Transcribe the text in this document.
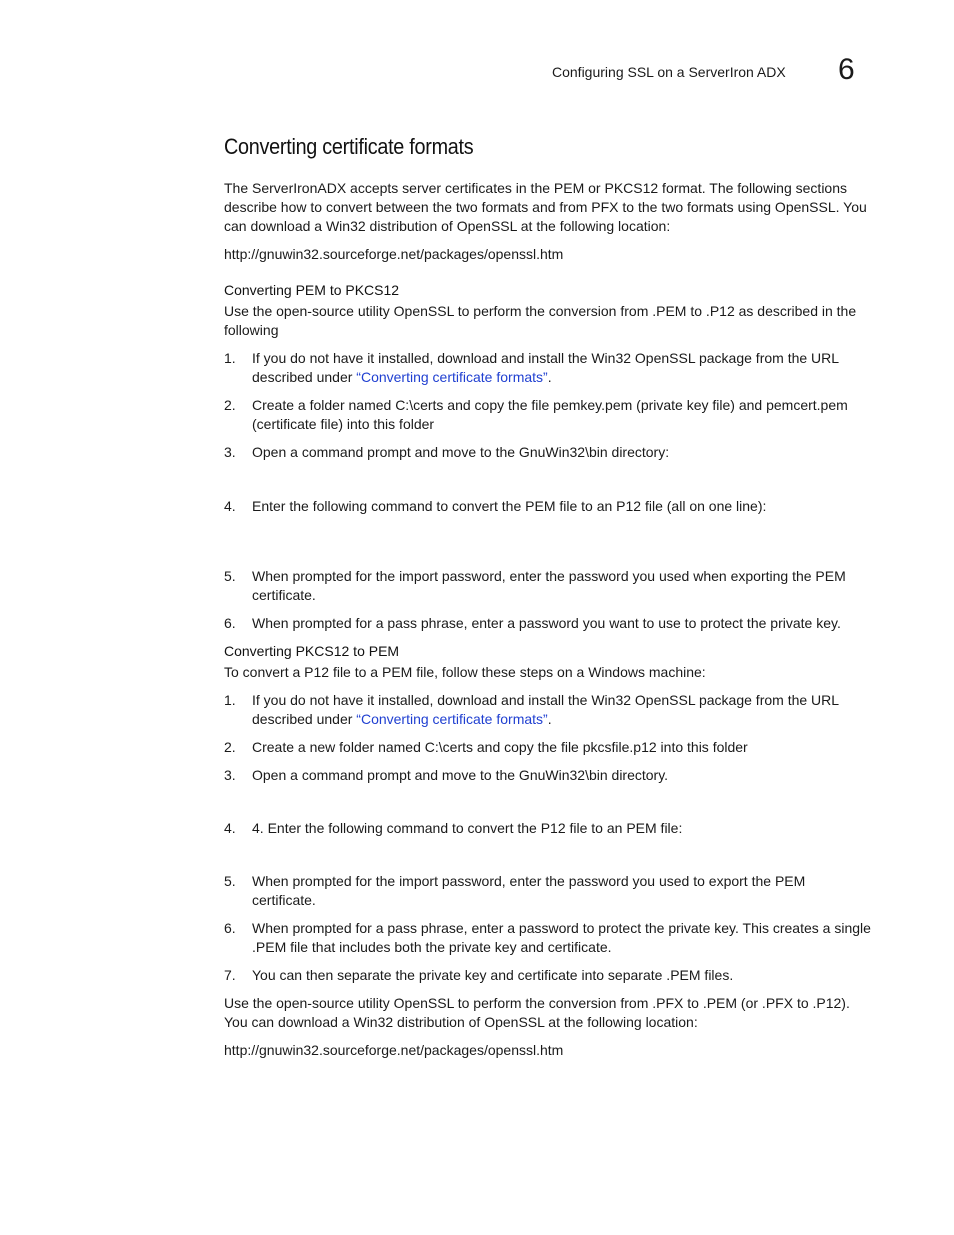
Configuring SSL on a ServerIron ADX 6
Converting certificate formats

The ServerIronADX accepts server certificates in the PEM or PKCS12 format. The following sections describe how to convert between the two formats and from PFX to the two formats using OpenSSL. You can download a Win32 distribution of OpenSSL at the following location:

http://gnuwin32.sourceforge.net/packages/openssl.htm

Converting PEM to PKCS12

Use the open-source utility OpenSSL to perform the conversion from .PEM to .P12 as described in the following

1. If you do not have it installed, download and install the Win32 OpenSSL package from the URL described under “Converting certificate formats”.
2. Create a folder named C:\certs and copy the file pemkey.pem (private key file) and pemcert.pem (certificate file) into this folder
3. Open a command prompt and move to the GnuWin32\bin directory:
4. Enter the following command to convert the PEM file to an P12 file (all on one line):
5. When prompted for the import password, enter the password you used when exporting the PEM certificate.
6. When prompted for a pass phrase, enter a password you want to use to protect the private key.
Converting PKCS12 to PEM

To convert a P12 file to a PEM file, follow these steps on a Windows machine:

1. If you do not have it installed, download and install the Win32 OpenSSL package from the URL described under “Converting certificate formats”.
2. Create a new folder named C:\certs and copy the file pkcsfile.p12 into this folder
3. Open a command prompt and move to the GnuWin32\bin directory.
4. 4. Enter the following command to convert the P12 file to an PEM file:
5. When prompted for the import password, enter the password you used to export the PEM certificate.
6. When prompted for a pass phrase, enter a password to protect the private key. This creates a single .PEM file that includes both the private key and certificate.
7. You can then separate the private key and certificate into separate .PEM files.

Use the open-source utility OpenSSL to perform the conversion from .PFX to .PEM (or .PFX to .P12). You can download a Win32 distribution of OpenSSL at the following location:

http://gnuwin32.sourceforge.net/packages/openssl.htm
